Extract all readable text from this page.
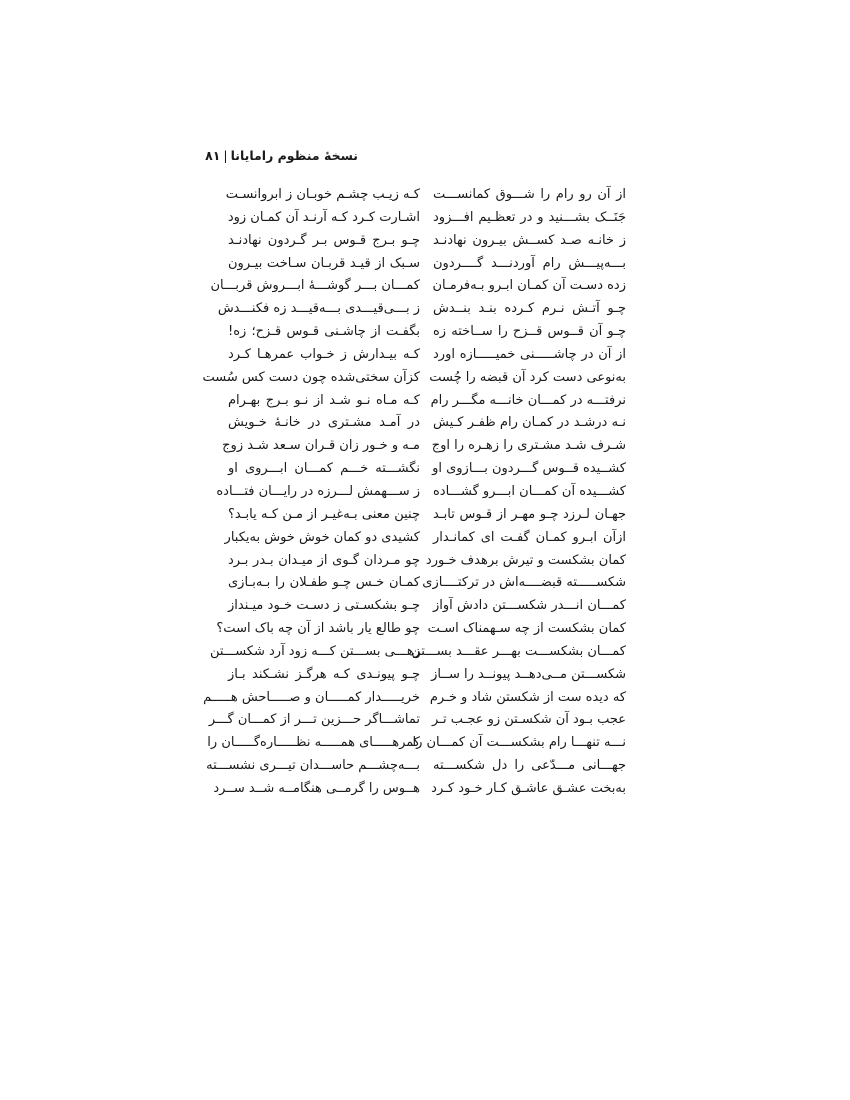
نسخهٔ منظوم رامایانا|۸۱
از آن رو رام را شـــوق کمانســـت
جَنَــک بشـــنید و در تعظـیم افـــزود
ز خانـه صـد کســش بیـرون نهادنـد
بـــه‌پیـــش رام آوردنـــد گــــردون
زده دسـت آن کمـان ابـرو بـه‌فرمـان
چـو آتـش نـرم کـرده بنـد بنــدش
چـو آن قــوس قــزح را ســاخته زه
از آن در چاشـــــنی خمیـــــازه اورد
به‌نوعی دست کرد آن قبضه را چُست
نرفتـــه در کمـــان خانـــه مگـــر رام
نـه درشـد در کمـان رام ظفـر کـیش
شـرف شـد مشـتری را زهـره را اوج
کشــیده قــوس گـــردون بـــازوی او
کشـــیده آن کمـــان ابـــرو گشـــاده
جهـان لـرزد چـو مهـر از قـوس تابـد
ازآن ابـرو کمـان گفـت ای کمانـدار
کمان بشکست و تیرش برهدف خـورد
شکســـــته قبضــــه‌اش در ترکتــــازی
کمـــان انـــدر شکســـتن دادش آواز
کمان بشکست از چه سـهمناک اسـت
کمـــان بشکســـت بهـــر عقـــد بســـتن
شکســـتن مــی‌دهــد پیونــد را ســاز
که دیده ست از شکستن شاد و خـرم
عجب بـود آن شکسـتن زو عجـب تـر
نـــه تنهـــا رام بشکســـت آن کمـــان را
جهـــانی مـــدّعی را دل شکســـته
به‌بخت عشـق عاشـق کـار خـود کـرد
کـه زیـب چشـم خوبـان ز ابروانسـت
اشـارت کـرد کـه آرنـد آن کمـان زود
چـو بـرج قـوس بـر گـردون نهادنـد
سـبک از قیـد قربـان سـاخت بیـرون
کمـــان بـــر گوشـــهٔ ابـــروش قربـــان
ز بـــی‌قیـــدی بـــه‌قیـــد زه فکنـــدش
بگفـت از چاشـنی قـوس قـزح؛ زه!
کـه بیـدارش ز خـواب عمرهـا کـرد
کزآن سختی‌شده چون دست کس سُست
کـه مـاه نـو شـد از نـو بـرج بهـرام
در آمـد مشـتری در خانـهٔ خـویش
مـه و خـور زان قـران سـعد شـد زوج
نگشـــته خـــم کمـــان ابـــروی او
ز ســـهمش لـــرزه در رایـــان فتـــاده
چنین معنی بـه‌غیـر از مـن کـه یابـد؟
کشیدی دو کمان خوش خوش به‌یکبار
چو مـردان گـوی از میـدان بـدر بـرد
کمـان خـس چـو طفـلان را بـه‌بـازی
چـو بشکسـتی ز دسـت خـود میـنداز
چو طالع یار باشد از آن چه باک است؟
زهـــی بســـتن کـــه زود آرد شکســـتن
چـو پیونـدی کـه هرگـز نشـکند بـاز
خریـــــدار کمـــــان و صـــــاحش هـــــم
تماشـــاگر حـــزین تـــر از کمـــان گـــر
کمرهـــــای همـــــه نظـــــاره‌گـــــان را
بـــه‌چشـــم حاســـدان تیـــری نشســـته
هــوس را گرمــی هنگامــه شــد ســرد
